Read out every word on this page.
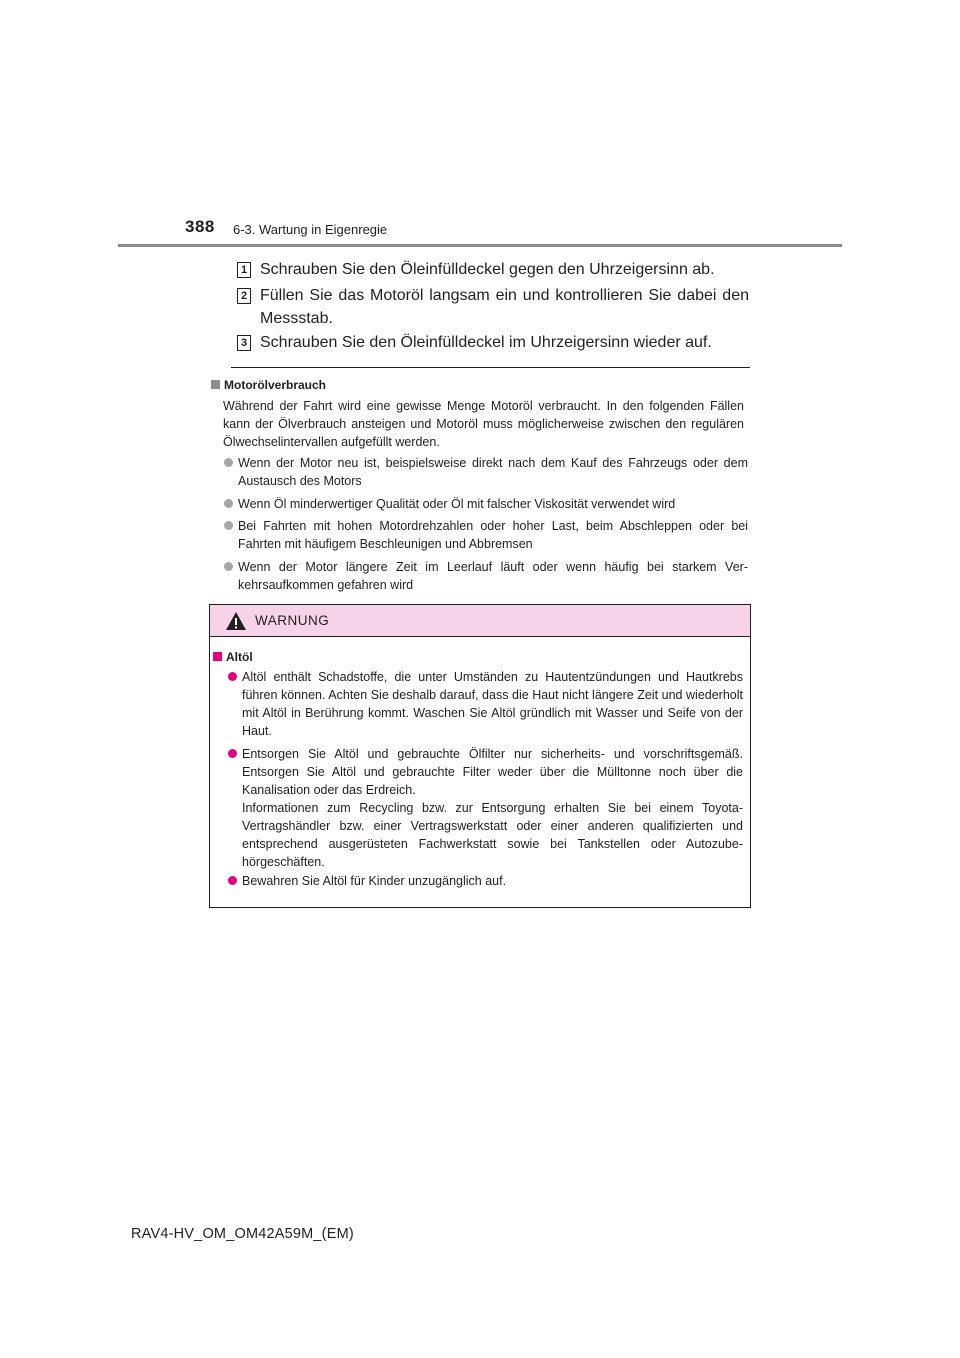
388 6-3. Wartung in Eigenregie
1 Schrauben Sie den Öleinfülldeckel gegen den Uhrzeigersinn ab.
2 Füllen Sie das Motoröl langsam ein und kontrollieren Sie dabei den Messstab.
3 Schrauben Sie den Öleinfülldeckel im Uhrzeigersinn wieder auf.
Motorölverbrauch
Während der Fahrt wird eine gewisse Menge Motoröl verbraucht. In den folgenden Fällen kann der Ölverbrauch ansteigen und Motoröl muss möglicherweise zwischen den regulären Ölwechselintervallen aufgefüllt werden.
Wenn der Motor neu ist, beispielsweise direkt nach dem Kauf des Fahrzeugs oder dem Austausch des Motors
Wenn Öl minderwertiger Qualität oder Öl mit falscher Viskosität verwendet wird
Bei Fahrten mit hohen Motordrehzahlen oder hoher Last, beim Abschleppen oder bei Fahrten mit häufigem Beschleunigen und Abbremsen
Wenn der Motor längere Zeit im Leerlauf läuft oder wenn häufig bei starkem Verkehrsaufkommen gefahren wird
WARNUNG
Altöl
Altöl enthält Schadstoffe, die unter Umständen zu Hautentzündungen und Hautkrebs führen können. Achten Sie deshalb darauf, dass die Haut nicht längere Zeit und wiederholt mit Altöl in Berührung kommt. Waschen Sie Altöl gründlich mit Wasser und Seife von der Haut.
Entsorgen Sie Altöl und gebrauchte Ölfilter nur sicherheits- und vorschriftsgemäß. Entsorgen Sie Altöl und gebrauchte Filter weder über die Mülltonne noch über die Kanalisation oder das Erdreich.
Informationen zum Recycling bzw. zur Entsorgung erhalten Sie bei einem Toyota-Vertragshändler bzw. einer Vertragswerkstatt oder einer anderen qualifizierten und entsprechend ausgerüsteten Fachwerkstatt sowie bei Tankstellen oder Autozubehörgeschäften.
Bewahren Sie Altöl für Kinder unzugänglich auf.
RAV4-HV_OM_OM42A59M_(EM)
